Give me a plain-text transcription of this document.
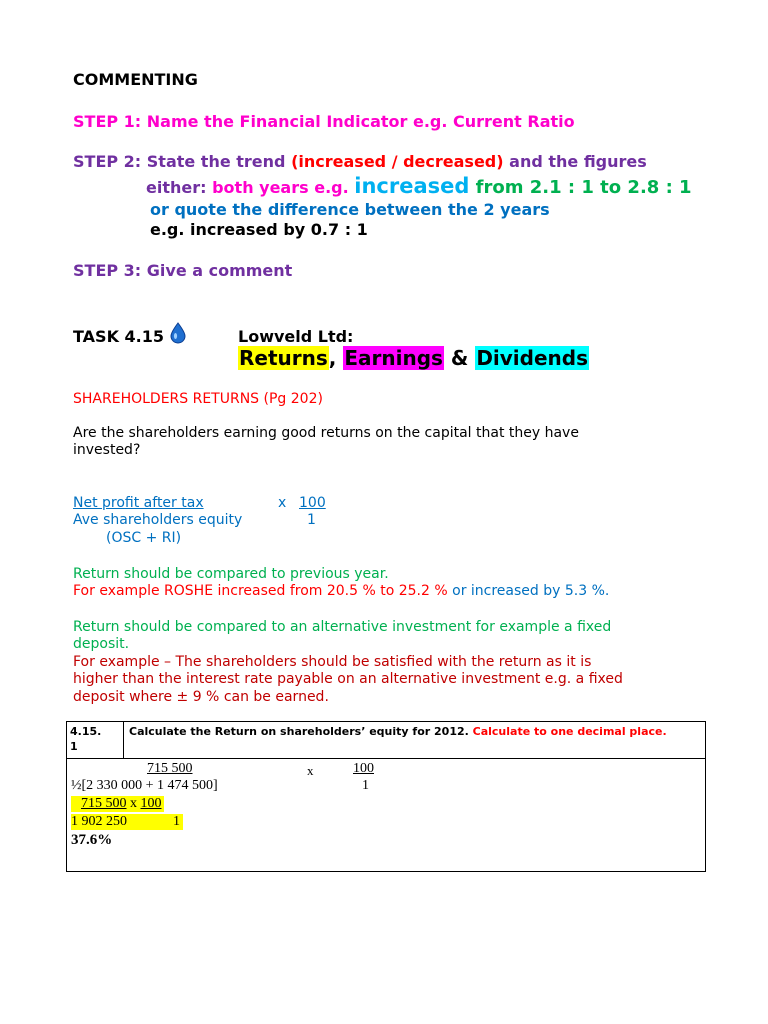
COMMENTING
STEP 1: Name the Financial Indicator e.g. Current Ratio
STEP 2: State the trend (increased / decreased) and the figures
either: both years e.g. increased from 2.1 : 1 to 2.8 : 1
or quote the difference between the 2 years
e.g. increased by 0.7 : 1
STEP 3: Give a comment
TASK 4.15	Lowveld Ltd:
Returns, Earnings & Dividends
SHAREHOLDERS RETURNS (Pg 202)
Are the shareholders earning good returns on the capital that they have
invested?
Net profit after tax	x 100
Ave shareholders equity	1
(OSC + RI)
Return should be compared to previous year.
For example ROSHE increased from 20.5 % to 25.2 % or increased by 5.3 %.
Return should be compared to an alternative investment for example a fixed
deposit.
For example – The shareholders should be satisfied with the return as it is
higher than the interest rate payable on an alternative investment e.g. a fixed
deposit where ± 9 % can be earned.
4.15.
1
	Calculate the Return on shareholders’ equity for 2012. Calculate to one decimal place.

715 500	x	100
½[2 330 000 + 1 474 500]	1
715 500 x 100
1 902 250	1
37.6%
